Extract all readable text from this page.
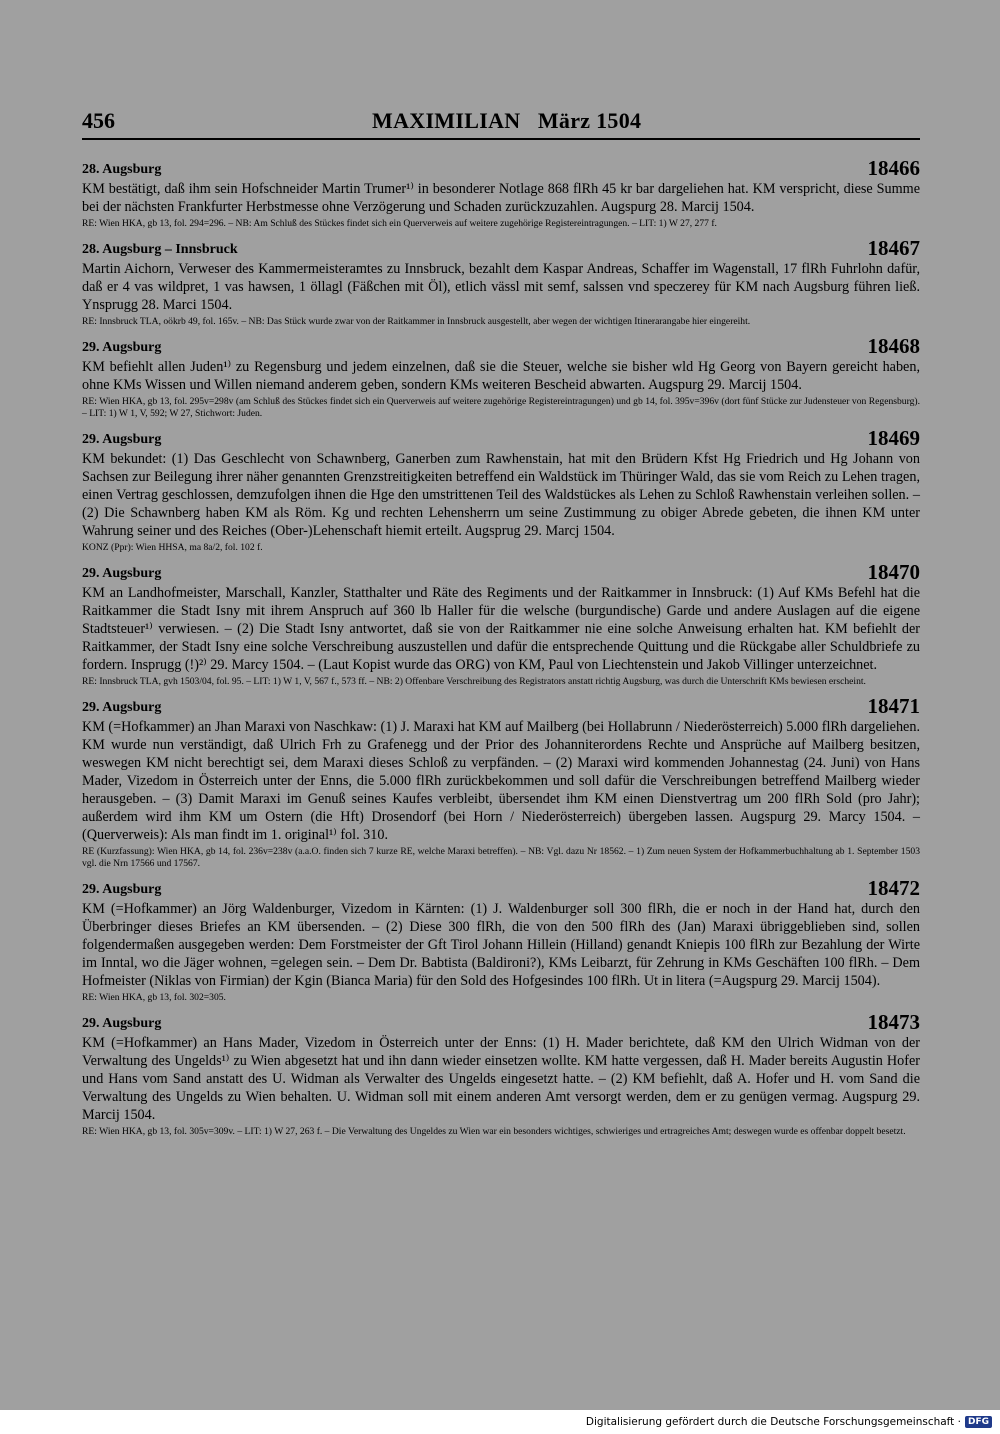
456	MAXIMILIAN   März 1504
28. Augsburg	18466
KM bestätigt, daß ihm sein Hofschneider Martin Trumer¹⁾ in besonderer Notlage 868 flRh 45 kr bar dargeliehen hat. KM verspricht, diese Summe bei der nächsten Frankfurter Herbstmesse ohne Verzögerung und Schaden zurückzuzahlen. Augspurg 28. Marcij 1504.
RE: Wien HKA, gb 13, fol. 294=296. – NB: Am Schluß des Stückes findet sich ein Querverweis auf weitere zugehörige Registereintragungen. – LIT: 1) W 27, 277 f.
28. Augsburg – Innsbruck	18467
Martin Aichorn, Verweser des Kammermeisteramtes zu Innsbruck, bezahlt dem Kaspar Andreas, Schaffer im Wagenstall, 17 flRh Fuhrlohn dafür, daß er 4 vas wildpret, 1 vas hawsen, 1 öllagl (Fäßchen mit Öl), etlich vässl mit semf, salssen vnd speczerey für KM nach Augsburg führen ließ. Ynsprugg 28. Marci 1504.
RE: Innsbruck TLA, oökrb 49, fol. 165v. – NB: Das Stück wurde zwar von der Raitkammer in Innsbruck ausgestellt, aber wegen der wichtigen Itinerarangabe hier eingereiht.
29. Augsburg	18468
KM befiehlt allen Juden¹⁾ zu Regensburg und jedem einzelnen, daß sie die Steuer, welche sie bisher wld Hg Georg von Bayern gereicht haben, ohne KMs Wissen und Willen niemand anderem geben, sondern KMs weiteren Bescheid abwarten. Augspurg 29. Marcij 1504.
RE: Wien HKA, gb 13, fol. 295v=298v (am Schluß des Stückes findet sich ein Querverweis auf weitere zugehörige Registereintragungen) und gb 14, fol. 395v=396v (dort fünf Stücke zur Judensteuer von Regensburg). – LIT: 1) W 1, V, 592; W 27, Stichwort: Juden.
29. Augsburg	18469
KM bekundet: (1) Das Geschlecht von Schawnberg, Ganerben zum Rawhenstain, hat mit den Brüdern Kfst Hg Friedrich und Hg Johann von Sachsen zur Beilegung ihrer näher genannten Grenzstreitigkeiten betreffend ein Waldstück im Thüringer Wald, das sie vom Reich zu Lehen tragen, einen Vertrag geschlossen, demzufolgen ihnen die Hge den umstrittenen Teil des Waldstückes als Lehen zu Schloß Rawhenstain verleihen sollen. – (2) Die Schawnberg haben KM als Röm. Kg und rechten Lehensherrn um seine Zustimmung zu obiger Abrede gebeten, die ihnen KM unter Wahrung seiner und des Reiches (Ober-)Lehenschaft hiemit erteilt. Augsprug 29. Marcj 1504.
KONZ (Ppr): Wien HHSA, ma 8a/2, fol. 102 f.
29. Augsburg	18470
KM an Landhofmeister, Marschall, Kanzler, Statthalter und Räte des Regiments und der Raitkammer in Innsbruck: (1) Auf KMs Befehl hat die Raitkammer die Stadt Isny mit ihrem Anspruch auf 360 lb Haller für die welsche (burgundische) Garde und andere Auslagen auf die eigene Stadtsteuer¹⁾ verwiesen. – (2) Die Stadt Isny antwortet, daß sie von der Raitkammer nie eine solche Anweisung erhalten hat. KM befiehlt der Raitkammer, der Stadt Isny eine solche Verschreibung auszustellen und dafür die entsprechende Quittung und die Rückgabe aller Schuldbriefe zu fordern. Insprugg (!)²⁾ 29. Marcy 1504. – (Laut Kopist wurde das ORG) von KM, Paul von Liechtenstein und Jakob Villinger unterzeichnet.
RE: Innsbruck TLA, gvh 1503/04, fol. 95. – LIT: 1) W 1, V, 567 f., 573 ff. – NB: 2) Offenbare Verschreibung des Registrators anstatt richtig Augsburg, was durch die Unterschrift KMs bewiesen erscheint.
29. Augsburg	18471
KM (=Hofkammer) an Jhan Maraxi von Naschkaw: (1) J. Maraxi hat KM auf Mailberg (bei Hollabrunn / Niederösterreich) 5.000 flRh dargeliehen. KM wurde nun verständigt, daß Ulrich Frh zu Grafenegg und der Prior des Johanniterordens Rechte und Ansprüche auf Mailberg besitzen, weswegen KM nicht berechtigt sei, dem Maraxi dieses Schloß zu verpfänden. – (2) Maraxi wird kommenden Johannestag (24. Juni) von Hans Mader, Vizedom in Österreich unter der Enns, die 5.000 flRh zurückbekommen und soll dafür die Verschreibungen betreffend Mailberg wieder herausgeben. – (3) Damit Maraxi im Genuß seines Kaufes verbleibt, übersendet ihm KM einen Dienstvertrag um 200 flRh Sold (pro Jahr); außerdem wird ihm KM um Ostern (die Hft) Drosendorf (bei Horn / Niederösterreich) übergeben lassen. Augspurg 29. Marcy 1504. – (Querverweis): Als man findt im 1. original¹⁾ fol. 310.
RE (Kurzfassung): Wien HKA, gb 14, fol. 236v=238v (a.a.O. finden sich 7 kurze RE, welche Maraxi betreffen). – NB: Vgl. dazu Nr 18562. – 1) Zum neuen System der Hofkammerbuchhaltung ab 1. September 1503 vgl. die Nrn 17566 und 17567.
29. Augsburg	18472
KM (=Hofkammer) an Jörg Waldenburger, Vizedom in Kärnten: (1) J. Waldenburger soll 300 flRh, die er noch in der Hand hat, durch den Überbringer dieses Briefes an KM übersenden. – (2) Diese 300 flRh, die von den 500 flRh des (Jan) Maraxi übriggeblieben sind, sollen folgendermaßen ausgegeben werden: Dem Forstmeister der Gft Tirol Johann Hillein (Hilland) genandt Kniepis 100 flRh zur Bezahlung der Wirte im Inntal, wo die Jäger wohnen, =gelegen sein. – Dem Dr. Babtista (Baldironi?), KMs Leibarzt, für Zehrung in KMs Geschäften 100 flRh. – Dem Hofmeister (Niklas von Firmian) der Kgin (Bianca Maria) für den Sold des Hofgesindes 100 flRh. Ut in litera (=Augspurg 29. Marcij 1504).
RE: Wien HKA, gb 13, fol. 302=305.
29. Augsburg	18473
KM (=Hofkammer) an Hans Mader, Vizedom in Österreich unter der Enns: (1) H. Mader berichtete, daß KM den Ulrich Widman von der Verwaltung des Ungelds¹⁾ zu Wien abgesetzt hat und ihn dann wieder einsetzen wollte. KM hatte vergessen, daß H. Mader bereits Augustin Hofer und Hans vom Sand anstatt des U. Widman als Verwalter des Ungelds eingesetzt hatte. – (2) KM befiehlt, daß A. Hofer und H. vom Sand die Verwaltung des Ungelds zu Wien behalten. U. Widman soll mit einem anderen Amt versorgt werden, dem er zu genügen vermag. Augspurg 29. Marcij 1504.
RE: Wien HKA, gb 13, fol. 305v=309v. – LIT: 1) W 27, 263 f. – Die Verwaltung des Ungeldes zu Wien war ein besonders wichtiges, schwieriges und ertragreiches Amt; deswegen wurde es offenbar doppelt besetzt.
Digitalisierung gefördert durch die Deutsche Forschungsgemeinschaft · DFG
